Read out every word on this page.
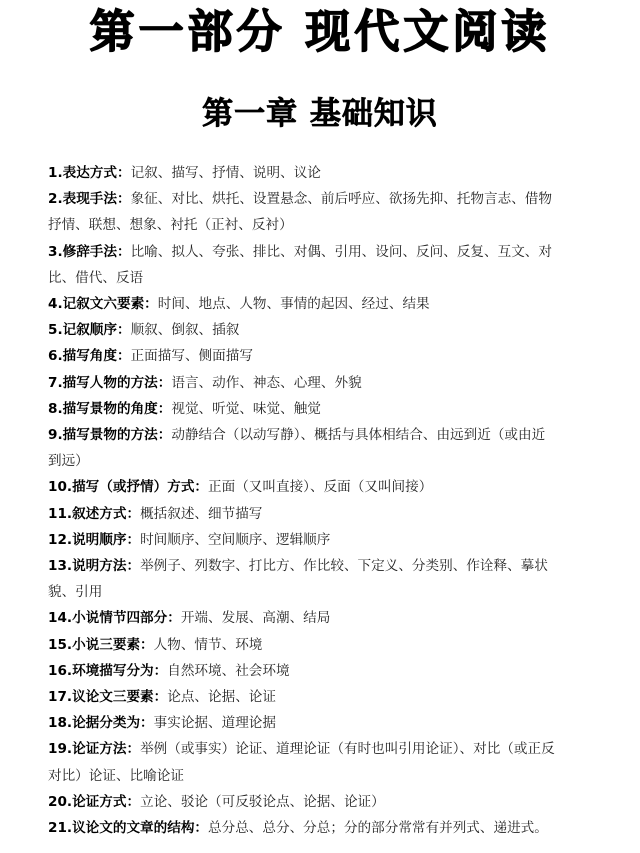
第一部分 现代文阅读
第一章 基础知识
1.表达方式：记叙、描写、抒情、说明、议论
2.表现手法：象征、对比、烘托、设置悬念、前后呼应、欲扬先抑、托物言志、借物
抒情、联想、想象、衬托（正衬、反衬）
3.修辞手法：比喻、拟人、夸张、排比、对偶、引用、设问、反问、反复、互文、对
比、借代、反语
4.记叙文六要素：时间、地点、人物、事情的起因、经过、结果
5.记叙顺序：顺叙、倒叙、插叙
6.描写角度：正面描写、侧面描写
7.描写人物的方法：语言、动作、神态、心理、外貌
8.描写景物的角度：视觉、听觉、味觉、触觉
9.描写景物的方法：动静结合（以动写静）、概括与具体相结合、由远到近（或由近
到远）
10.描写（或抒情）方式：正面（又叫直接）、反面（又叫间接）
11.叙述方式：概括叙述、细节描写
12.说明顺序：时间顺序、空间顺序、逻辑顺序
13.说明方法：举例子、列数字、打比方、作比较、下定义、分类别、作诠释、摹状
貌、引用
14.小说情节四部分：开端、发展、高潮、结局
15.小说三要素：人物、情节、环境
16.环境描写分为：自然环境、社会环境
17.议论文三要素：论点、论据、论证
18.论据分类为：事实论据、道理论据
19.论证方法：举例（或事实）论证、道理论证（有时也叫引用论证）、对比（或正反
对比）论证、比喻论证
20.论证方式：立论、驳论（可反驳论点、论据、论证）
21.议论文的文章的结构：总分总、总分、分总；分的部分常常有并列式、递进式。
